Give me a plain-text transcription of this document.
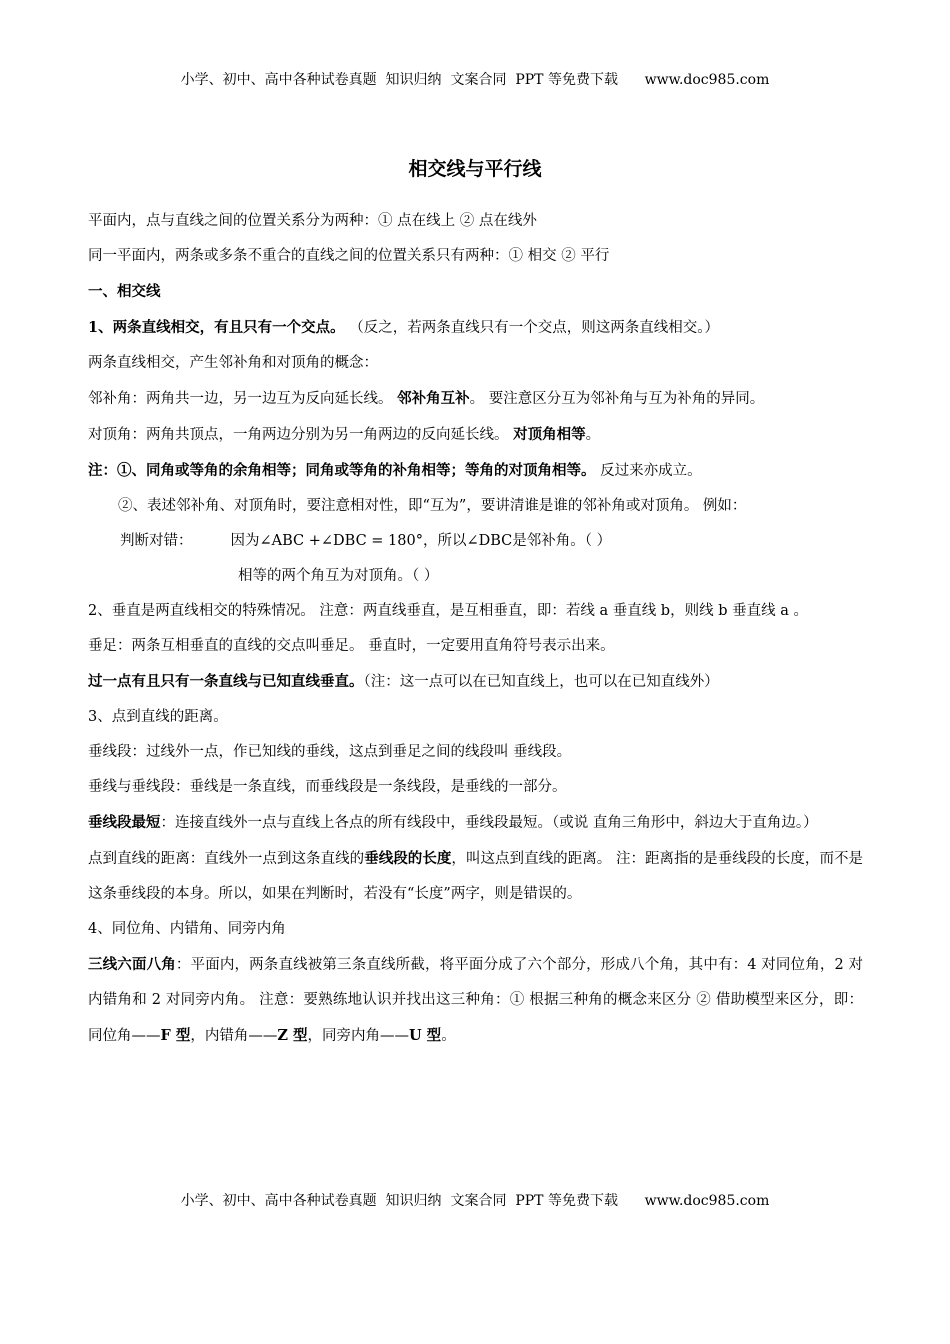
小学、初中、高中各种试卷真题  知识归纳  文案合同  PPT 等免费下载      www.doc985.com
相交线与平行线

平面内，点与直线之间的位置关系分为两种：① 点在线上 ② 点在线外

同一平面内，两条或多条不重合的直线之间的位置关系只有两种：① 相交 ② 平行

一、相交线

1、两条直线相交，有且只有一个交点。 （反之，若两条直线只有一个交点，则这两条直线相交。）

两条直线相交，产生邻补角和对顶角的概念：

邻补角：两角共一边，另一边互为反向延长线。 邻补角互补。 要注意区分互为邻补角与互为补角的异同。

对顶角：两角共顶点，一角两边分别为另一角两边的反向延长线。 对顶角相等。

注：①、同角或等角的余角相等；同角或等角的补角相等；等角的对顶角相等。 反过来亦成立。

②、表述邻补角、对顶角时，要注意相对性，即“互为”，要讲清谁是谁的邻补角或对顶角。 例如：

判断对错：	因为∠ABC +∠DBC = 180°，所以∠DBC是邻补角。（ ）

相等的两个角互为对顶角。（ ）

2、垂直是两直线相交的特殊情况。 注意：两直线垂直，是互相垂直，即：若线 a 垂直线 b，则线 b 垂直线 a 。

垂足：两条互相垂直的直线的交点叫垂足。 垂直时，一定要用直角符号表示出来。

过一点有且只有一条直线与已知直线垂直。（注：这一点可以在已知直线上，也可以在已知直线外）

3、点到直线的距离。

垂线段：过线外一点，作已知线的垂线，这点到垂足之间的线段叫 垂线段。

垂线与垂线段：垂线是一条直线，而垂线段是一条线段，是垂线的一部分。

垂线段最短：连接直线外一点与直线上各点的所有线段中，垂线段最短。（或说 直角三角形中，斜边大于直角边。）

点到直线的距离：直线外一点到这条直线的垂线段的长度，叫这点到直线的距离。 注：距离指的是垂线段的长度，而不是这条垂线段的本身。所以，如果在判断时，若没有“长度”两字，则是错误的。

4、同位角、内错角、同旁内角

三线六面八角：平面内，两条直线被第三条直线所截，将平面分成了六个部分，形成八个角，其中有：4 对同位角，2 对内错角和 2 对同旁内角。 注意：要熟练地认识并找出这三种角：① 根据三种角的概念来区分 ② 借助模型来区分，即：同位角——F 型，内错角——Z 型，同旁内角——U 型。

小学、初中、高中各种试卷真题  知识归纳  文案合同  PPT 等免费下载      www.doc985.com
